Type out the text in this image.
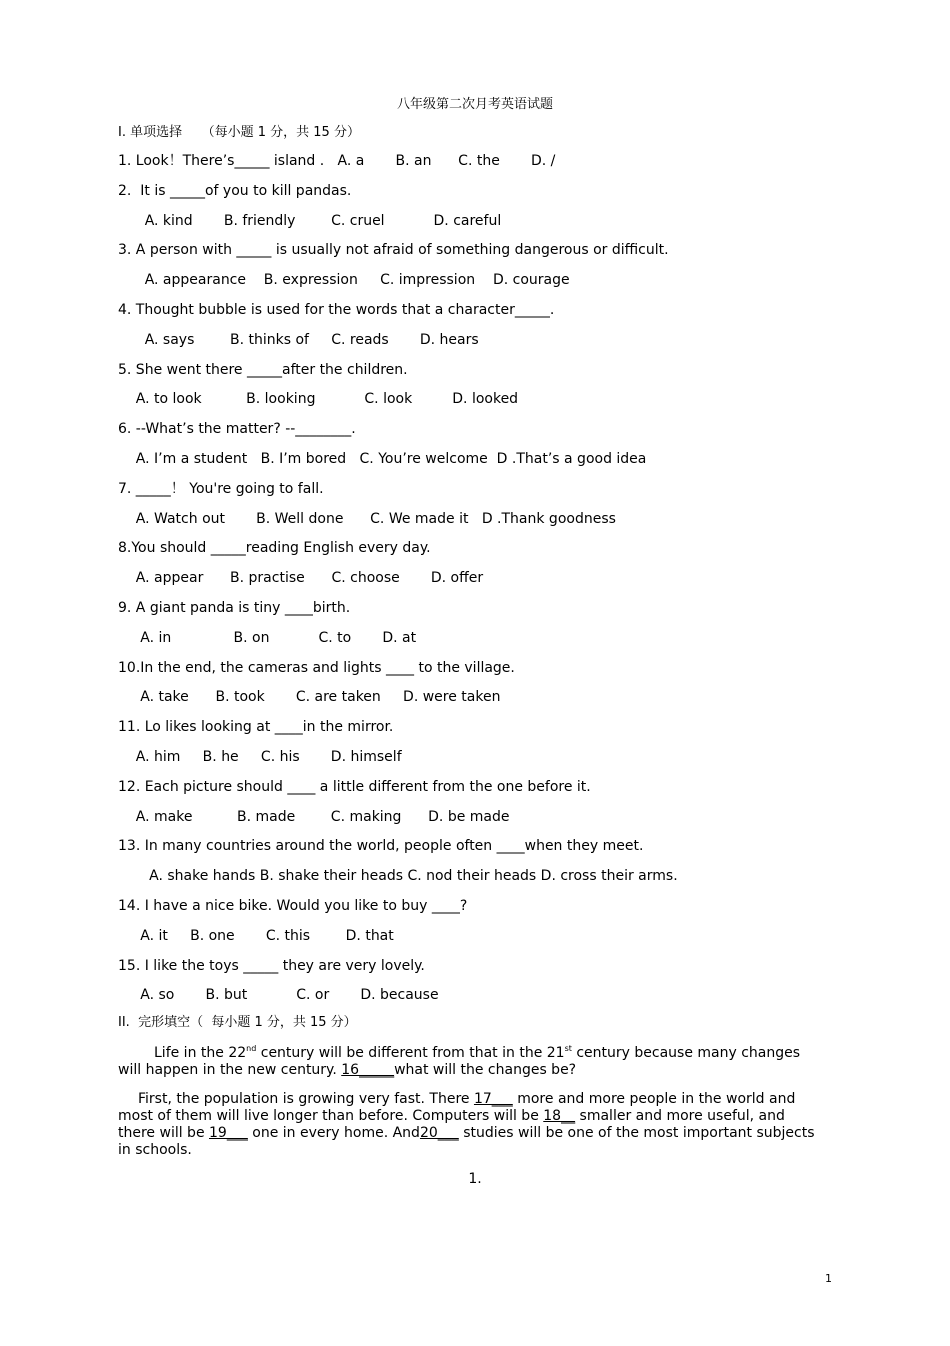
八年级第二次月考英语试题
Ⅰ. 单项选择　　（每小题 1 分，共 15 分）
1. Look！There’s_____ island .   A. a       B. an      C. the       D. /
2.  It is _____of you to kill pandas.
A. kind       B. friendly        C. cruel           D. careful
3. A person with _____ is usually not afraid of something dangerous or difficult.
A. appearance    B. expression     C. impression    D. courage
4. Thought bubble is used for the words that a character_____.
A. says        B. thinks of     C. reads       D. hears
5. She went there _____after the children.
A. to look          B. looking           C. look         D. looked
6. --What’s the matter? --________.
A. I’m a student   B. I’m bored   C. You’re welcome  D .That’s a good idea
7. _____！ You're going to fall.
A. Watch out       B. Well done      C. We made it   D .Thank goodness
8.You should _____reading English every day.
A. appear      B. practise      C. choose       D. offer
9. A giant panda is tiny ____birth.
A. in              B. on           C. to       D. at
10.In the end, the cameras and lights ____ to the village.
A. take      B. took       C. are taken     D. were taken
11. Lo likes looking at ____in the mirror.
A. him     B. he     C. his       D. himself
12. Each picture should ____ a little different from the one before it.
A. make          B. made        C. making      D. be made
13. In many countries around the world, people often ____when they meet.
A. shake hands B. shake their heads C. nod their heads D. cross their arms.
14. I have a nice bike. Would you like to buy ____?
A. it     B. one       C. this        D. that
15. I like the toys _____ they are very lovely.
A. so       B. but           C. or       D. because
II.  完形填空（  每小题 1 分，共 15 分）

Life in the 22nd century will be different from that in the 21st century because many changes will happen in the new century. 16_____what will the changes be?

First, the population is growing very fast. There 17___ more and more people in the world and most of them will live longer than before. Computers will be 18__ smaller and more useful, and there will be 19___ one in every home. And20___ studies will be one of the most important subjects in schools.

1.
1
